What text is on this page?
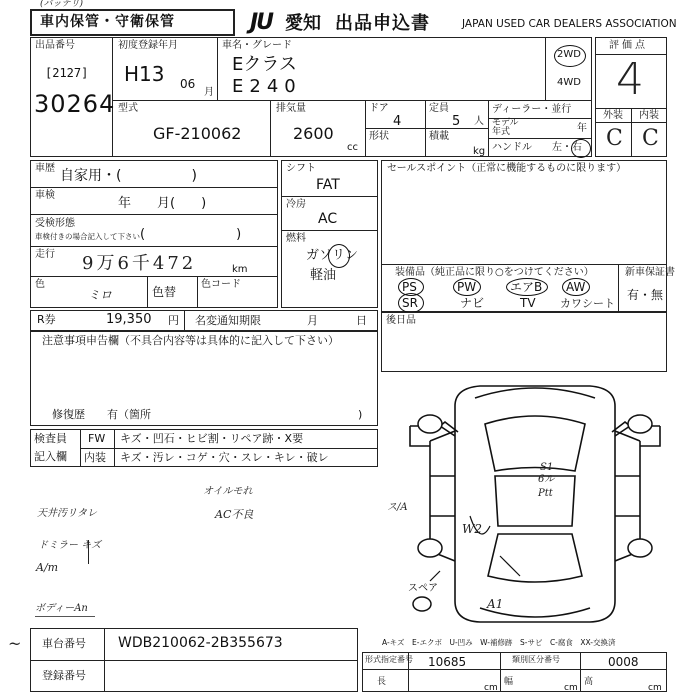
車内保管・守衛保管
(バッテリ)
JU 愛知 出品申込書	JAPAN USED CAR DEALERS ASSOCIATION
出品番号
[2127]
30264
初度登録年月
H13 06
月
車名・グレード
Eクラス
E240
2WD
4WD
型式
GF-210062
排気量
2600
cc
ドア
4
形状
定員
5 人
積載
kg
ディーラー・並行
モデル
年式	年
ハンドル 左・右
評価点
4
外装 内装
C C
車歴 自家用・(　　　　　)
車検
年　　月(　　)
受検形態
車検付きの場合記入して下さい (　　　　　　　)
走行 9万6千472	km
色
ミロ	色替
色コード
シフト
FAT
冷房
AC
燃料
ガソリン
軽油
セールスポイント（正常に機能するものに限ります）
装備品（純正品に限り○をつけてください）	新車保証書
有・無
PS	PW	エアB AW
SR	ナビ	TV カワシート
R券	19,350 円 名変通知期限	月	日 後日品
注意事項申告欄（不具合内容等は具体的に記入して下さい）
修復歴　　有（箇所	)
検査員
記入欄
FW キズ・凹石・ヒビ割・リペア跡・X要
内装 キズ・汚レ・コゲ・穴・スレ・キレ・破レ
S1
6ル
Ptt
ス/A
W2
A1
スペア
オイルモれ
AC不良
天井汚リタレ
ドミラー キズ
A/m
ボディーAn
A-キズ　E-エクボ　U-凹み　W-補修跡　S-サビ　C-腐食　XX-交換済
~ 車台番号 WDB210062-2B355673
登録番号
形式指定番号 10685	類別区分番号	0008
長
cm
幅
cm
高
cm
